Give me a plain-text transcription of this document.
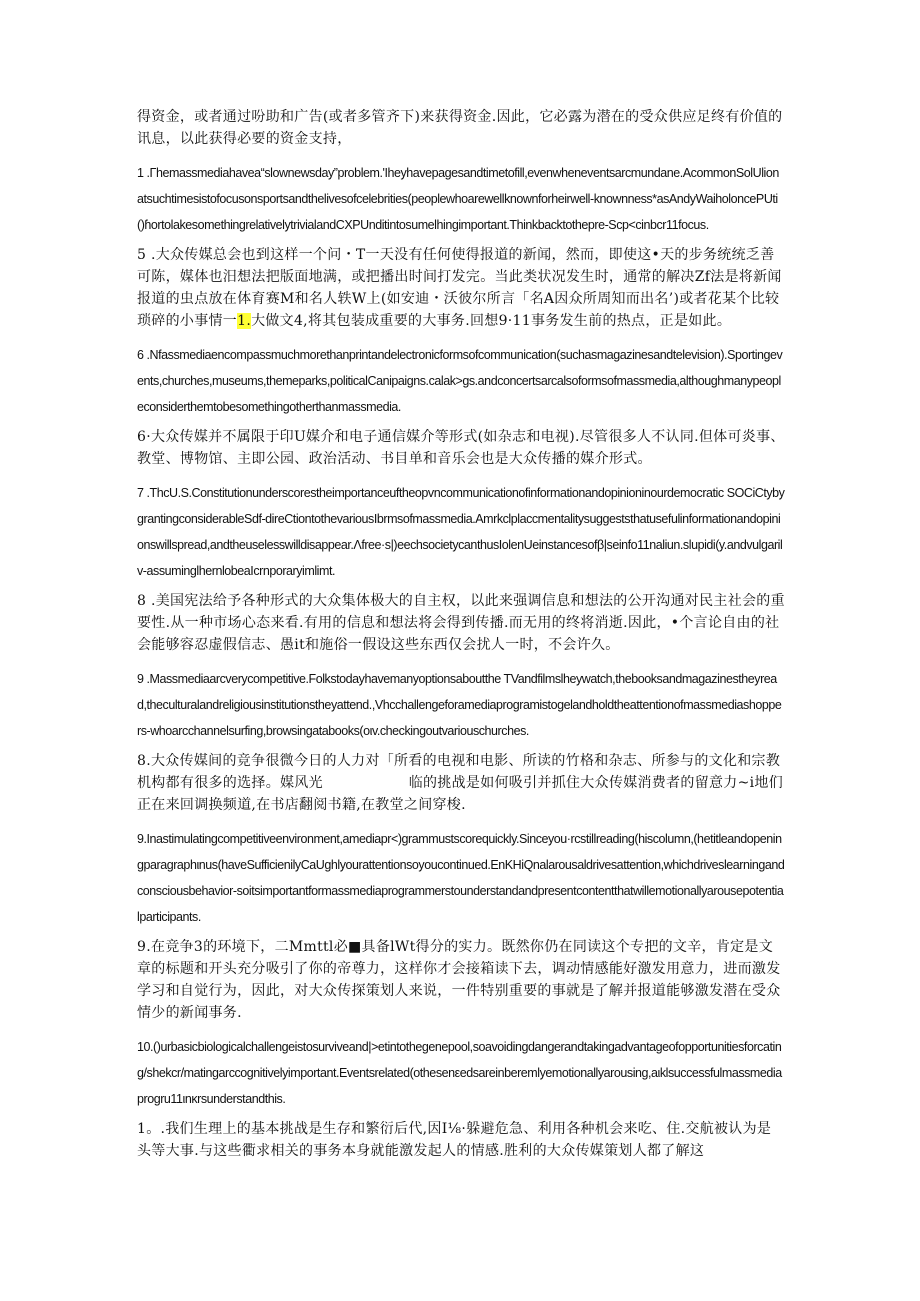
得资金，或者通过吩助和广告(或者多管齐下)来获得资金.因此，它必露为潜在的受众供应足终有价值的讯息，以此获得必要的资金支持，

1 .Γhemassmediahavea“slownewsday”problem.'Iheyhavepagesandtimetofill,evenwheneventsarcmundane.AcommonSolUlionatsuchtimesistofocusonsportsandthelivesofcelebrities(peoplewhoarewellknownforheirwell-knownness*asAndyWaiholoncePUti()ɦortolakesomethingrelativelytrivialandCXPUnditintosumelhingimportant.Thinkbacktothepre-Scp<cinbcr11focus.

5 .大众传媒总会也到这样一个问・T一天没有任何使得报道的新闻，然而，即使这•天的步务统统乏善可陈，媒体也汨想法把版面地满，或把播出时间打发完。当此类状况发生时，通常的解决Zf法是将新闻报道的虫点放在体育赛M和名人轶W上(如安迪・沃彼尔所言「名A因众所周知而出名’)或者花某个比较琐碎的小事情一1.大做文4,将其包装成重要的大事务.回想9·11事务发生前的热点，正是如此。

6 .Nfassmediaencompassmuchmorethanprintandelectronicformsofcommunication(suchasmagazinesandtelevision).Sportingevents,churches,museums,themeparks,politicalCanipaigns.calak>gs.andconcertsarcalsoformsofmassmedia,althoughmanypeopleconsiderthemtobesomethingotherthanmassmedia.

6·大众传媒并不属限于印U媒介和电子通信媒介等形式(如杂志和电视).尽管很多人不认同.但体可炎事、教堂、博物馆、主即公园、政治活动、书目单和音乐会也是大众传播的媒介形式。

7 .ThcU.S.Constitutionunderscorestheimportanceuftheopvncommunicationofinformationandopinioninourdemocratic SOCiCtybygrantingconsiderableSdf-direCtiontothevariousIbrmsofmassmedia.Amrkclplaccmentalitysuggeststhatusefulinformationandopinionswillspread,andtheuselesswilldisappear.Λfree·s|)eechsocietycanthusIolenUeinstancesofβ|seinfo11naliun.slupidi(y.andvulgarilv-assuminglhernlobeaIcrnporaryimlimt.

8 .美国宪法给予各种形式的大众集体极大的自主权，以此来强调信息和想法的公开沟通对民主社会的重要性.从一种市场心态来看.有用的信息和想法将会得到传播.而无用的终将消逝.因此，•个言论自由的社会能够容忍虚假信志、愚it和施俗一假设这些东西仅会扰人一时，不会许久。

9 .Massmediaarcverycompetitive.Folkstodayhavemanyoptionsaboutthe TVandfilmslheywatch,thebooksandmagazinestheyread,theculturalandreligiousinstitutionstheyattend.,Vhcchallengeforamediaprogramistogelandholdtheattentionofmassmediashoppers-whoarcchannelsurfing,browsingatabooks(oιv.checkingoutvariouschurches.

8.大众传媒间的竞争很微今日的人力对「所看的电视和电影、所读的竹格和杂志、所参与的文化和宗教机构都有很多的选择。媒风光　　　　　　临的挑战是如何吸引并抓住大众传媒消费者的留意力~i地们正在来回调换频道,在书店翻阅书籍,在教堂之间穿梭.

9.Inastimulatingcompetitiveenvironment,amediapr<)grammustscorequickly.Sinceyou·rcstillreading(hiscolumn,(hetitleandopeningparagraphιnus(haveSufficienilyCaUghlyourattentionsoyoucontinued.EnKHiQnalarousaldrivesattention,whichdriveslearningandconsciousbehavior-soitsimportantformassmediaprogrammerstounderstandandpresentcontentthatwillemotionallyarousepotentialparticipants.

9.在竞争3的环境下，二Mmttl必■具备lWt得分的实力。既然你仍在同读这个专把的文辛，肯定是文章的标题和开头充分吸引了你的帝尊力，这样你才会接箱读下去，调动情感能好激发用意力，进而激发学习和自觉行为，因此，对大众传探策划人来说，一件特别重要的事就是了解并报道能够激发潜在受众情少的新闻事务.

10.()urbasicbiologicalchallengeistosurviveand|>etintothegenepool,soavoidingdangerandtakingadvantageofopportunitiesforcating/shekcr/matingarccognitivelyimportant.Eventsrelated(othesenεedsareinberemlyemotionallyarousing,aιklsuccessfulmassmediaprogru11ιnκrsunderstandthis.

1。.我们生理上的基本挑战是生存和繁衍后代,因I⅛·躲避危急、利用各种机会来吃、住.交航被认为是头等大事.与这些衢求相关的事务本身就能激发起人的情感.胜利的大众传媒策划人都了解这
